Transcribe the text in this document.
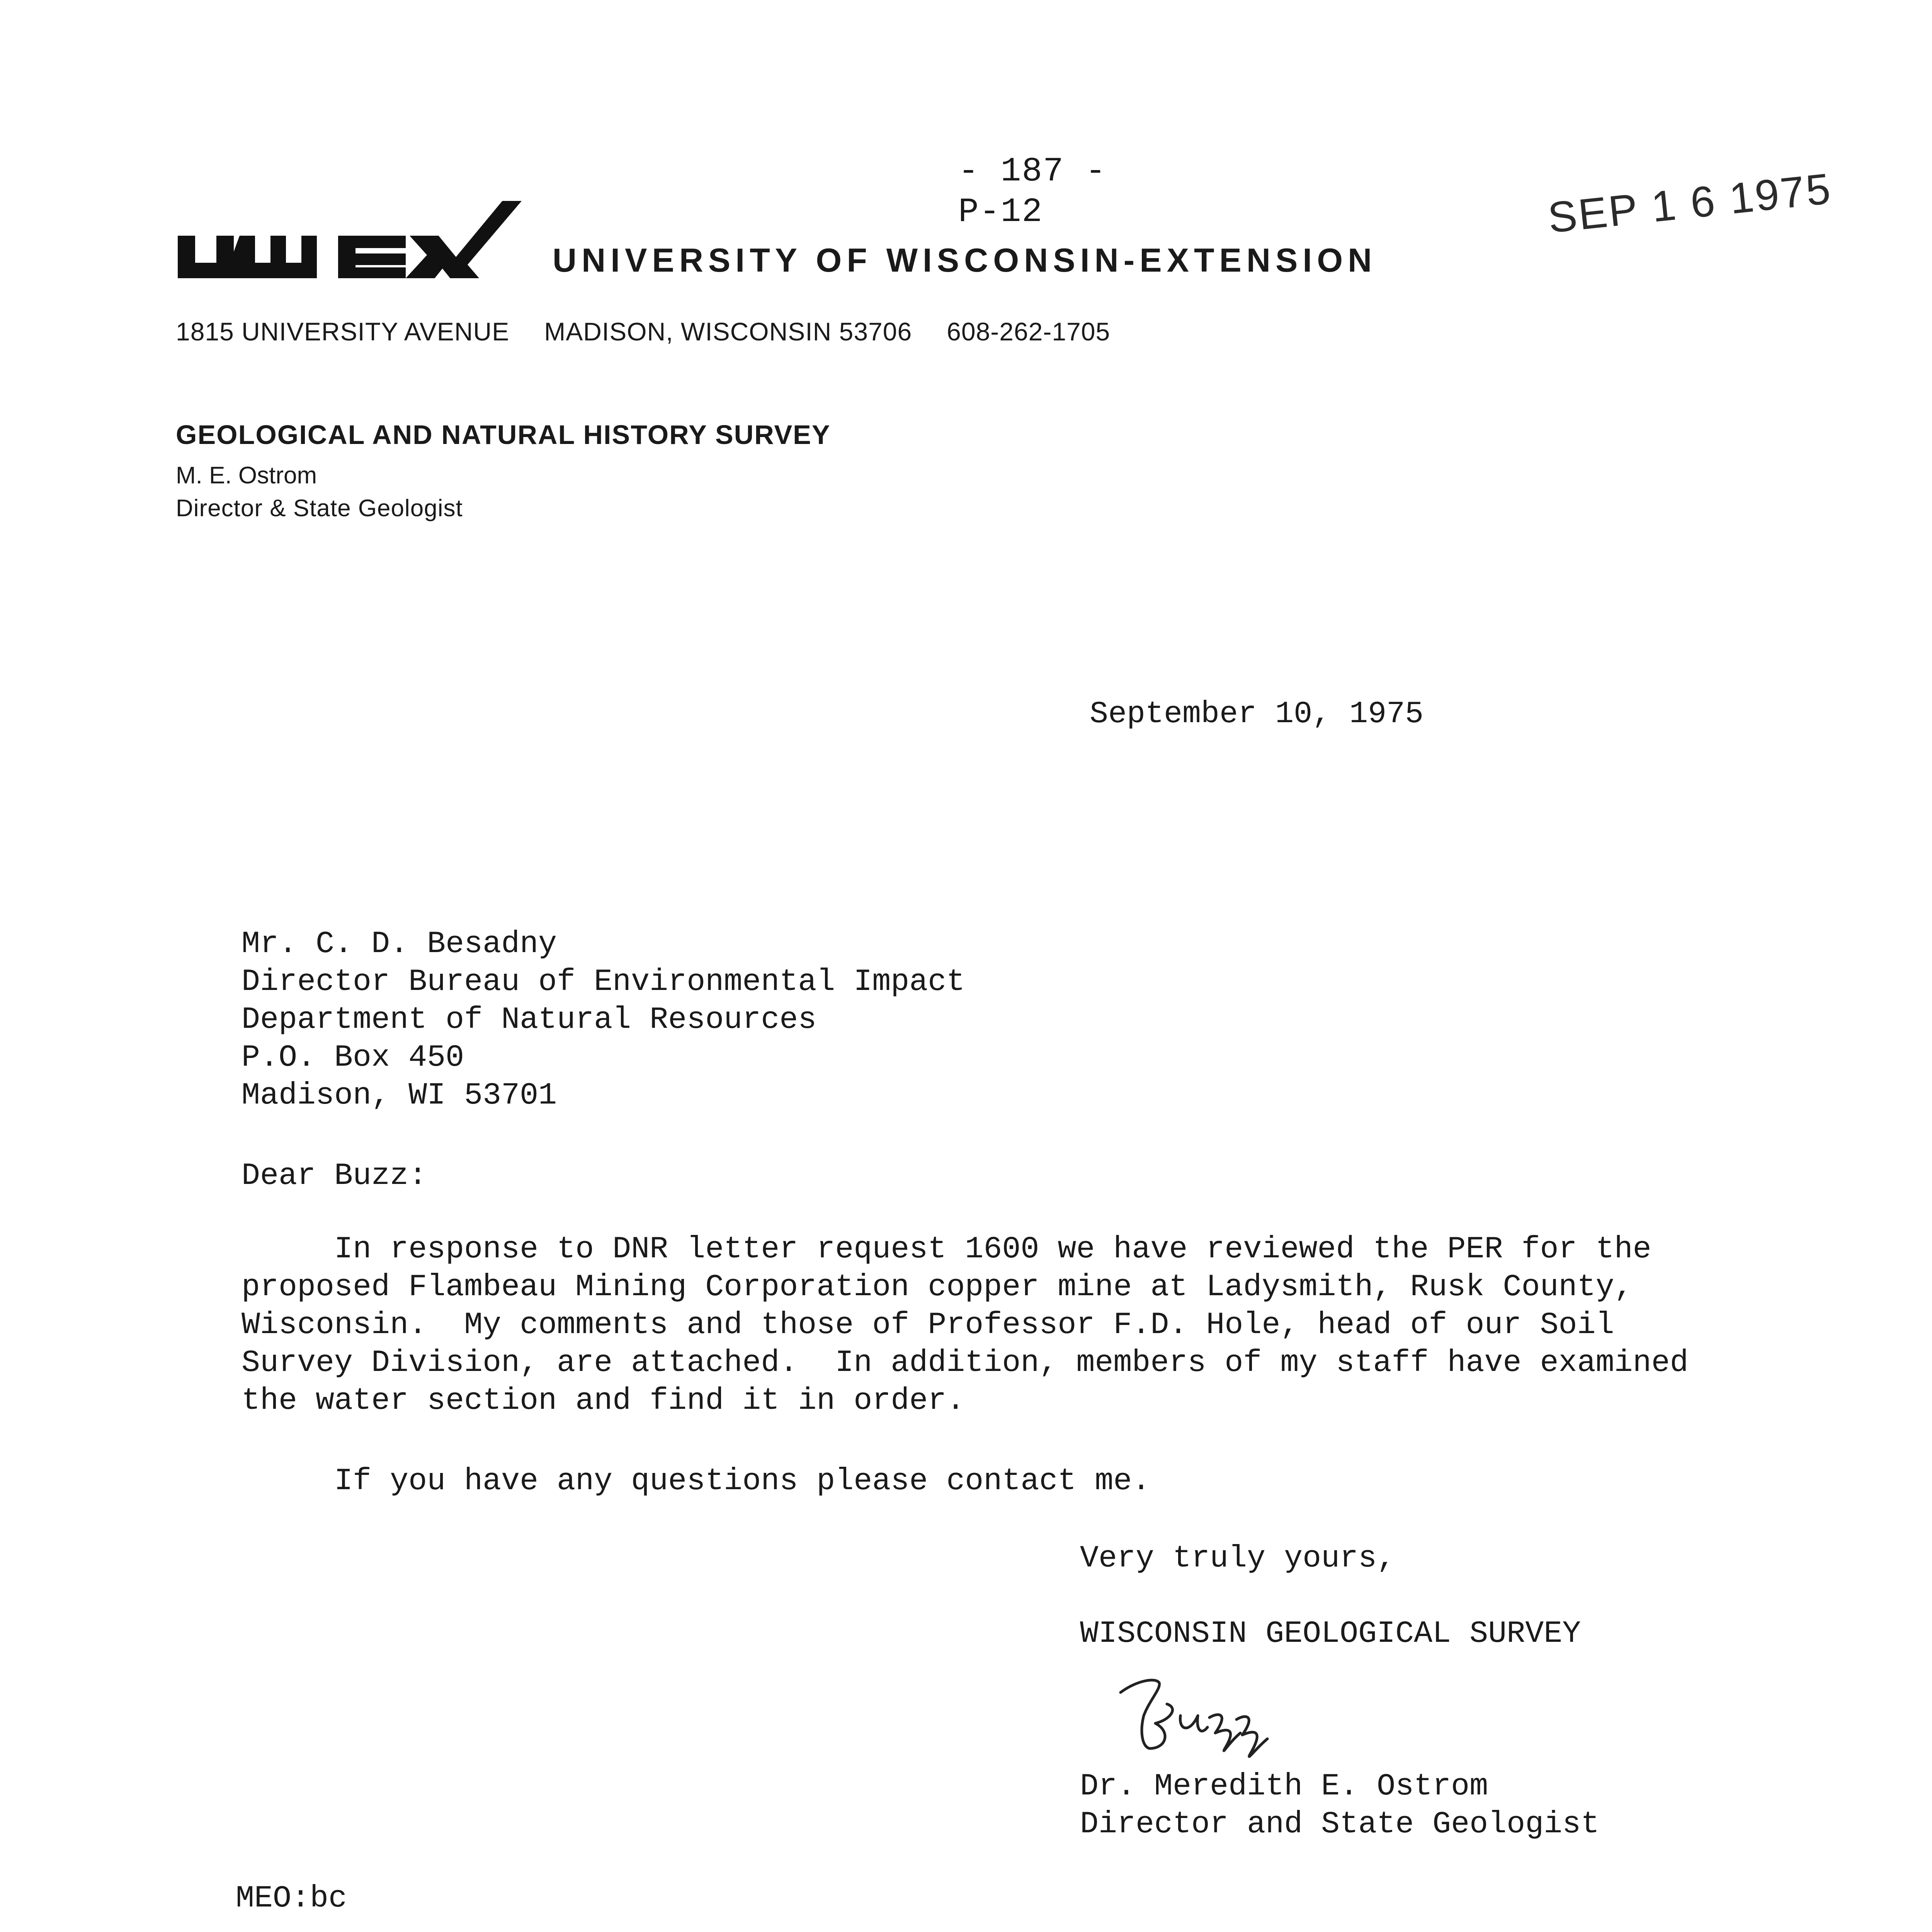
- 187 -
P-12
UNIVERSITY OF WISCONSIN-EXTENSION
1815 UNIVERSITY AVENUE MADISON, WISCONSIN 53706 608-262-1705
GEOLOGICAL AND NATURAL HISTORY SURVEY
M. E. Ostrom
Director & State Geologist
SEP 1 6 1975
September 10, 1975
Mr. C. D. Besadny
Director Bureau of Environmental Impact
Department of Natural Resources
P.O. Box 450
Madison, WI 53701
Dear Buzz:
In response to DNR letter request 1600 we have reviewed the PER for the
proposed Flambeau Mining Corporation copper mine at Ladysmith, Rusk County,
Wisconsin.  My comments and those of Professor F.D. Hole, head of our Soil
Survey Division, are attached.  In addition, members of my staff have examined
the water section and find it in order.
If you have any questions please contact me.
Very truly yours,
WISCONSIN GEOLOGICAL SURVEY
Dr. Meredith E. Ostrom
Director and State Geologist
MEO:bc
